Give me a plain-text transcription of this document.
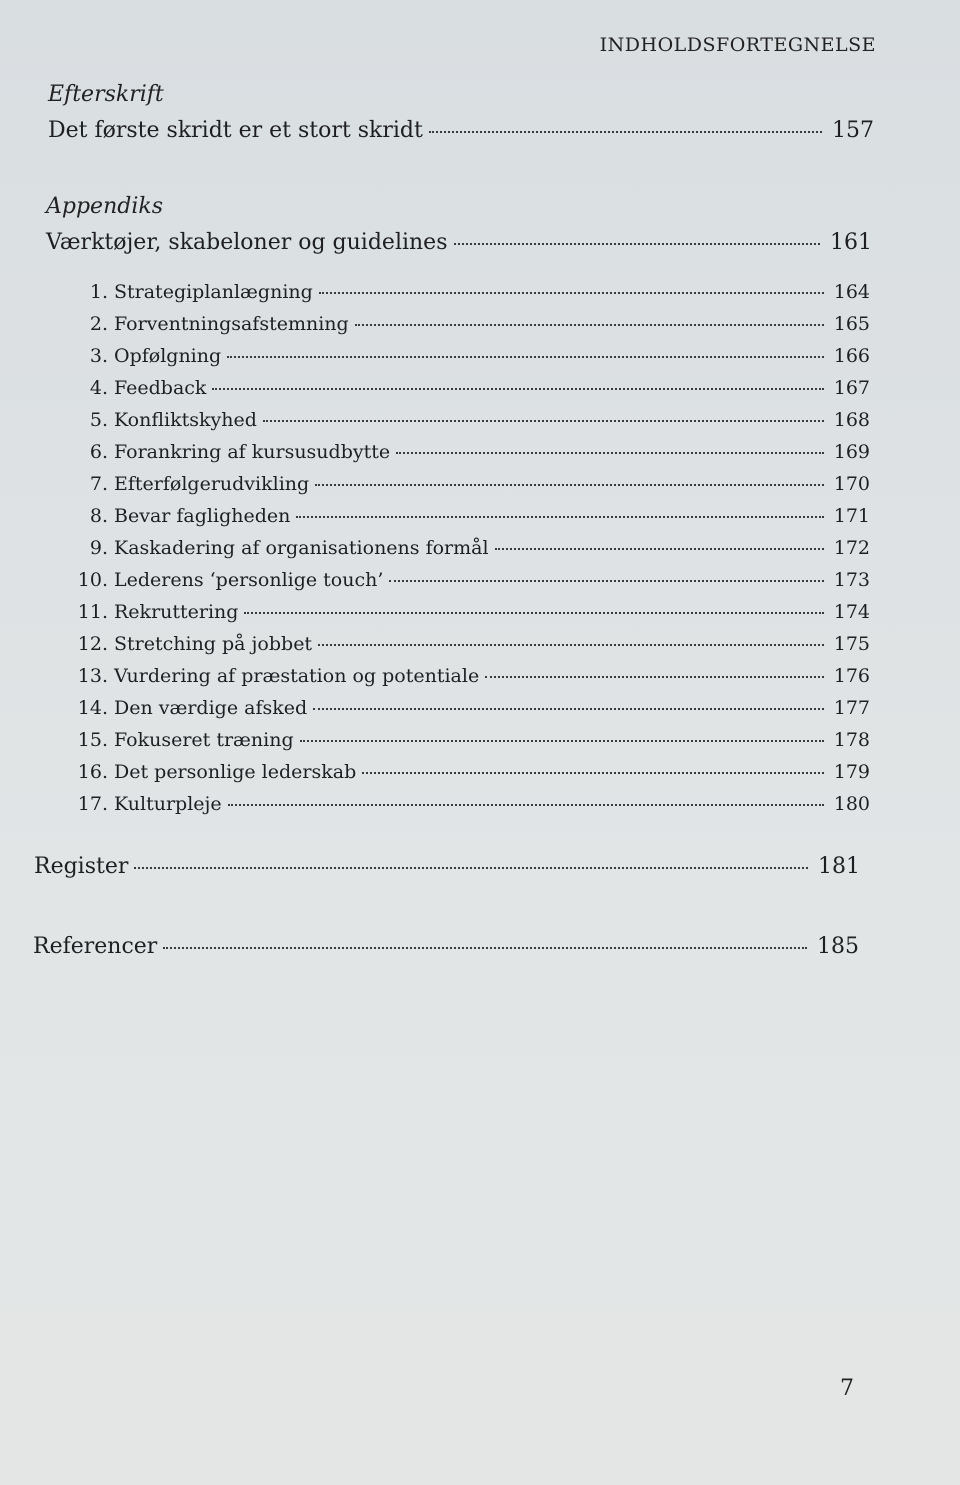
INDHOLDSFORTEGNELSE
Efterskrift
Det første skridt er et stort skridt	157
Appendiks
Værktøjer, skabeloner og guidelines	161
1. Strategiplanlægning	164
2. Forventningsafstemning	165
3. Opfølgning	166
4. Feedback	167
5. Konfliktskyhed	168
6. Forankring af kursusudbytte	169
7. Efterfølgerudvikling	170
8. Bevar fagligheden	171
9. Kaskadering af organisationens formål	172
10. Lederens ‘personlige touch’	173
11. Rekruttering	174
12. Stretching på jobbet	175
13. Vurdering af præstation og potentiale	176
14. Den værdige afsked	177
15. Fokuseret træning	178
16. Det personlige lederskab	179
17. Kulturpleje	180
Register	181
Referencer	185
7
